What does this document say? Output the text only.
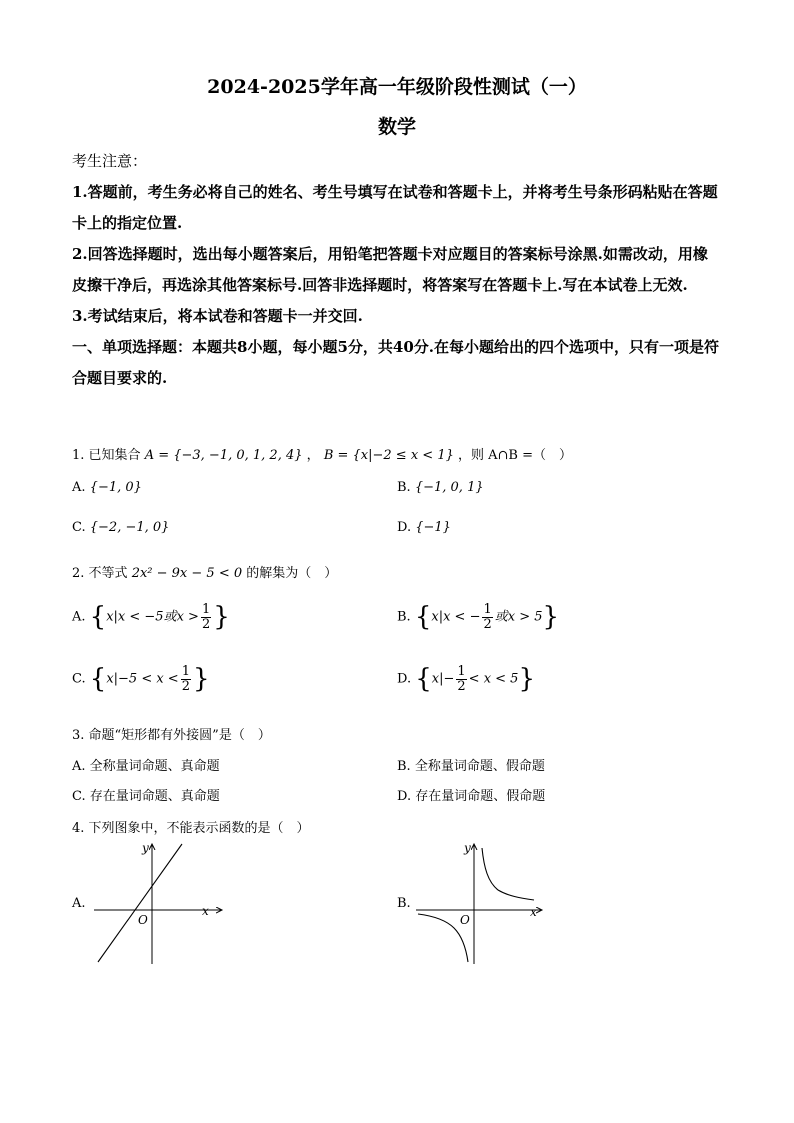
2024-2025学年高一年级阶段性测试（一）
数学

考生注意：

1.答题前，考生务必将自己的姓名、考生号填写在试卷和答题卡上，并将考生号条形码粘贴在答题卡上的指定位置.

2.回答选择题时，选出每小题答案后，用铅笔把答题卡对应题目的答案标号涂黑.如需改动，用橡皮擦干净后，再选涂其他答案标号.回答非选择题时，将答案写在答题卡上.写在本试卷上无效.

3.考试结束后，将本试卷和答题卡一并交回.

一、单项选择题：本题共8小题，每小题5分，共40分.在每小题给出的四个选项中，只有一项是符合题目要求的.

1. 已知集合 A = {−3, −1, 0, 1, 2, 4} ， B = {x|−2 ≤ x < 1} ，则 A∩B =（　）
A. {−1, 0}	B. {−1, 0, 1}
C. {−2, −1, 0}	D. {−1}
2. 不等式 2x² − 9x − 5 < 0 的解集为（　）
A. {x|x < −5或$x > \frac{1}{2}$ }	B. {x|x < − $\frac{1}{2}$ 或x > 5}
C. {$x|-5 < x < \frac{1}{2}$ }	D. $\{x|- \frac{1}{2} < x < 5\}$
3. 命题“矩形都有外接圆”是（　）
A. 全称量词命题、真命题	B. 全称量词命题、假命题
C. 存在量词命题、真命题	D. 存在量词命题、假命题
4. 下列图象中，不能表示函数的是（　）
A.	x
y
O
B.
x
y
O
